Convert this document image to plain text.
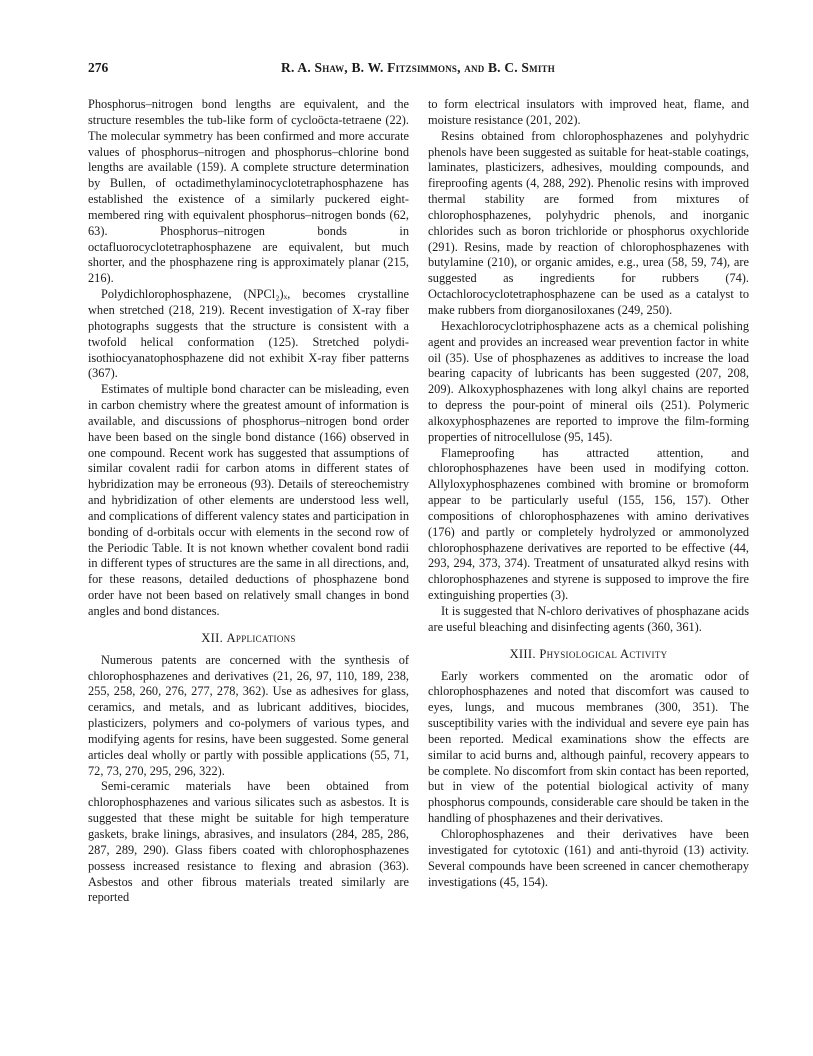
276	R. A. Shaw, B. W. Fitzsimmons, and B. C. Smith

Phosphorus–nitrogen bond lengths are equivalent, and the structure resembles the tub-like form of cycloöcta-tetraene (22). The molecular symmetry has been confirmed and more accurate values of phosphorus–nitrogen and phosphorus–chlorine bond lengths are available (159). A complete structure determination by Bullen, of octadimethylaminocyclotetraphosphazene has established the existence of a similarly puckered eight-membered ring with equivalent phosphorus–nitrogen bonds (62, 63). Phosphorus–nitrogen bonds in octafluorocyclotetraphosphazene are equivalent, but much shorter, and the phosphazene ring is approximately planar (215, 216).

Polydichlorophosphazene, (NPCl₂)ₓ, becomes crystalline when stretched (218, 219). Recent investigation of X-ray fiber photographs suggests that the structure is consistent with a twofold helical conformation (125). Stretched polydi-isothiocyanatophosphazene did not exhibit X-ray fiber patterns (367).

Estimates of multiple bond character can be misleading, even in carbon chemistry where the greatest amount of information is available, and discussions of phosphorus–nitrogen bond order have been based on the single bond distance (166) observed in one compound. Recent work has suggested that assumptions of similar covalent radii for carbon atoms in different states of hybridization may be erroneous (93). Details of stereochemistry and hybridization of other elements are understood less well, and complications of different valency states and participation in bonding of d-orbitals occur with elements in the second row of the Periodic Table. It is not known whether covalent bond radii in different types of structures are the same in all directions, and, for these reasons, detailed deductions of phosphazene bond order have not been based on relatively small changes in bond angles and bond distances.

XII. Applications

Numerous patents are concerned with the synthesis of chlorophosphazenes and derivatives (21, 26, 97, 110, 189, 238, 255, 258, 260, 276, 277, 278, 362). Use as adhesives for glass, ceramics, and metals, and as lubricant additives, biocides, plasticizers, polymers and co-polymers of various types, and modifying agents for resins, have been suggested. Some general articles deal wholly or partly with possible applications (55, 71, 72, 73, 270, 295, 296, 322).

Semi-ceramic materials have been obtained from chlorophosphazenes and various silicates such as asbestos. It is suggested that these might be suitable for high temperature gaskets, brake linings, abrasives, and insulators (284, 285, 286, 287, 289, 290). Glass fibers coated with chlorophosphazenes possess increased resistance to flexing and abrasion (363). Asbestos and other fibrous materials treated similarly are reported

to form electrical insulators with improved heat, flame, and moisture resistance (201, 202).

Resins obtained from chlorophosphazenes and polyhydric phenols have been suggested as suitable for heat-stable coatings, laminates, plasticizers, adhesives, moulding compounds, and fireproofing agents (4, 288, 292). Phenolic resins with improved thermal stability are formed from mixtures of chlorophosphazenes, polyhydric phenols, and inorganic chlorides such as boron trichloride or phosphorus oxychloride (291). Resins, made by reaction of chlorophosphazenes with butylamine (210), or organic amides, e.g., urea (58, 59, 74), are suggested as ingredients for rubbers (74). Octachlorocyclotetraphosphazene can be used as a catalyst to make rubbers from diorganosiloxanes (249, 250).

Hexachlorocyclotriphosphazene acts as a chemical polishing agent and provides an increased wear prevention factor in white oil (35). Use of phosphazenes as additives to increase the load bearing capacity of lubricants has been suggested (207, 208, 209). Alkoxyphosphazenes with long alkyl chains are reported to depress the pour-point of mineral oils (251). Polymeric alkoxyphosphazenes are reported to improve the film-forming properties of nitrocellulose (95, 145).

Flameproofing has attracted attention, and chlorophosphazenes have been used in modifying cotton. Allyloxyphosphazenes combined with bromine or bromoform appear to be particularly useful (155, 156, 157). Other compositions of chlorophosphazenes with amino derivatives (176) and partly or completely hydrolyzed or ammonolyzed chlorophosphazene derivatives are reported to be effective (44, 293, 294, 373, 374). Treatment of unsaturated alkyd resins with chlorophosphazenes and styrene is supposed to improve the fire extinguishing properties (3).

It is suggested that N-chloro derivatives of phosphazane acids are useful bleaching and disinfecting agents (360, 361).

XIII. Physiological Activity

Early workers commented on the aromatic odor of chlorophosphazenes and noted that discomfort was caused to eyes, lungs, and mucous membranes (300, 351). The susceptibility varies with the individual and severe eye pain has been reported. Medical examinations show the effects are similar to acid burns and, although painful, recovery appears to be complete. No discomfort from skin contact has been reported, but in view of the potential biological activity of many phosphorus compounds, considerable care should be taken in the handling of phosphazenes and their derivatives.

Chlorophosphazenes and their derivatives have been investigated for cytotoxic (161) and anti-thyroid (13) activity. Several compounds have been screened in cancer chemotherapy investigations (45, 154).
